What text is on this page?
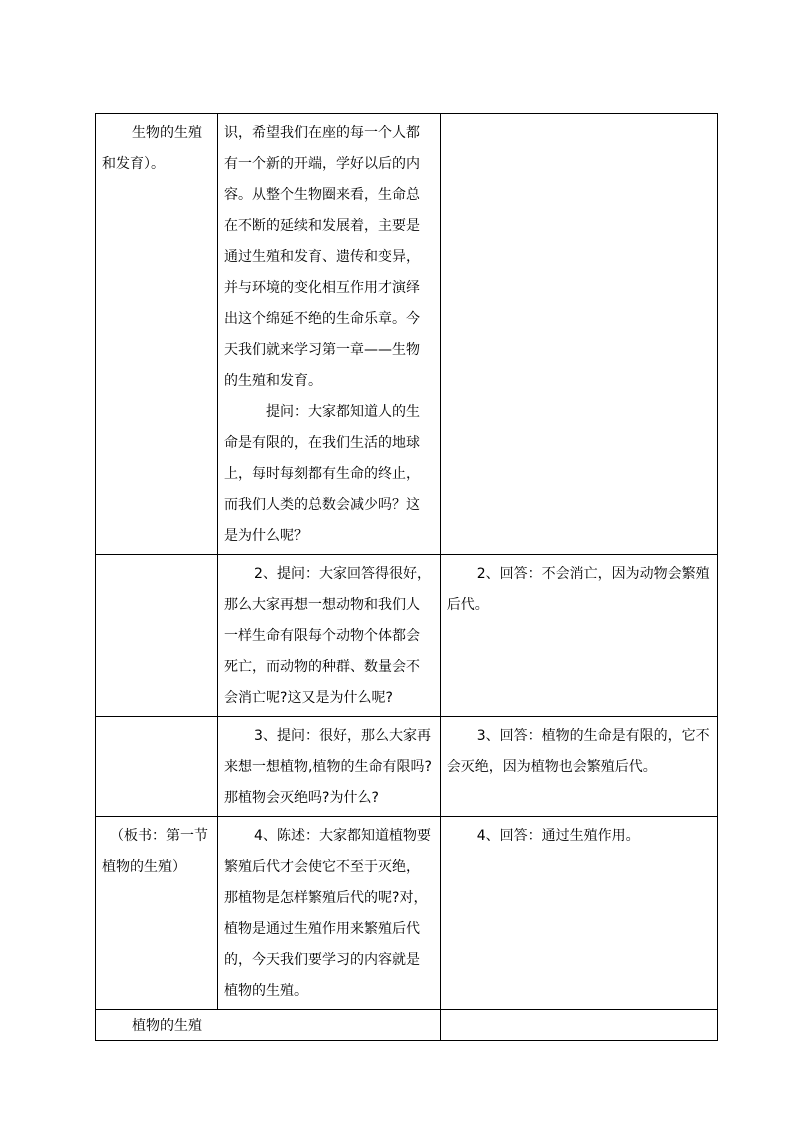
生物的生殖和发育）。	识，希望我们在座的每一个人都有一个新的开端，学好以后的内容。从整个生物圈来看，生命总在不断的延续和发展着，主要是通过生殖和发育、遗传和变异，并与环境的变化相互作用才演绎出这个绵延不绝的生命乐章。今天我们就来学习第一章——生物的生殖和发育。

提问：大家都知道人的生命是有限的，在我们生活的地球上，每时每刻都有生命的终止，而我们人类的总数会减少吗？这是为什么呢？	

	2、提问：大家回答得很好，那么大家再想一想动物和我们人一样生命有限每个动物个体都会死亡，而动物的种群、数量会不会消亡呢?这又是为什么呢?	2、回答：不会消亡，因为动物会繁殖后代。

	3、提问：很好，那么大家再来想一想植物,植物的生命有限吗?那植物会灭绝吗?为什么?	3、回答：植物的生命是有限的，它不会灭绝，因为植物也会繁殖后代。

（板书：第一节植物的生殖）	4、陈述：大家都知道植物要繁殖后代才会使它不至于灭绝，那植物是怎样繁殖后代的呢?对，植物是通过生殖作用来繁殖后代的，今天我们要学习的内容就是植物的生殖。	4、回答：通过生殖作用。

植物的生殖		
